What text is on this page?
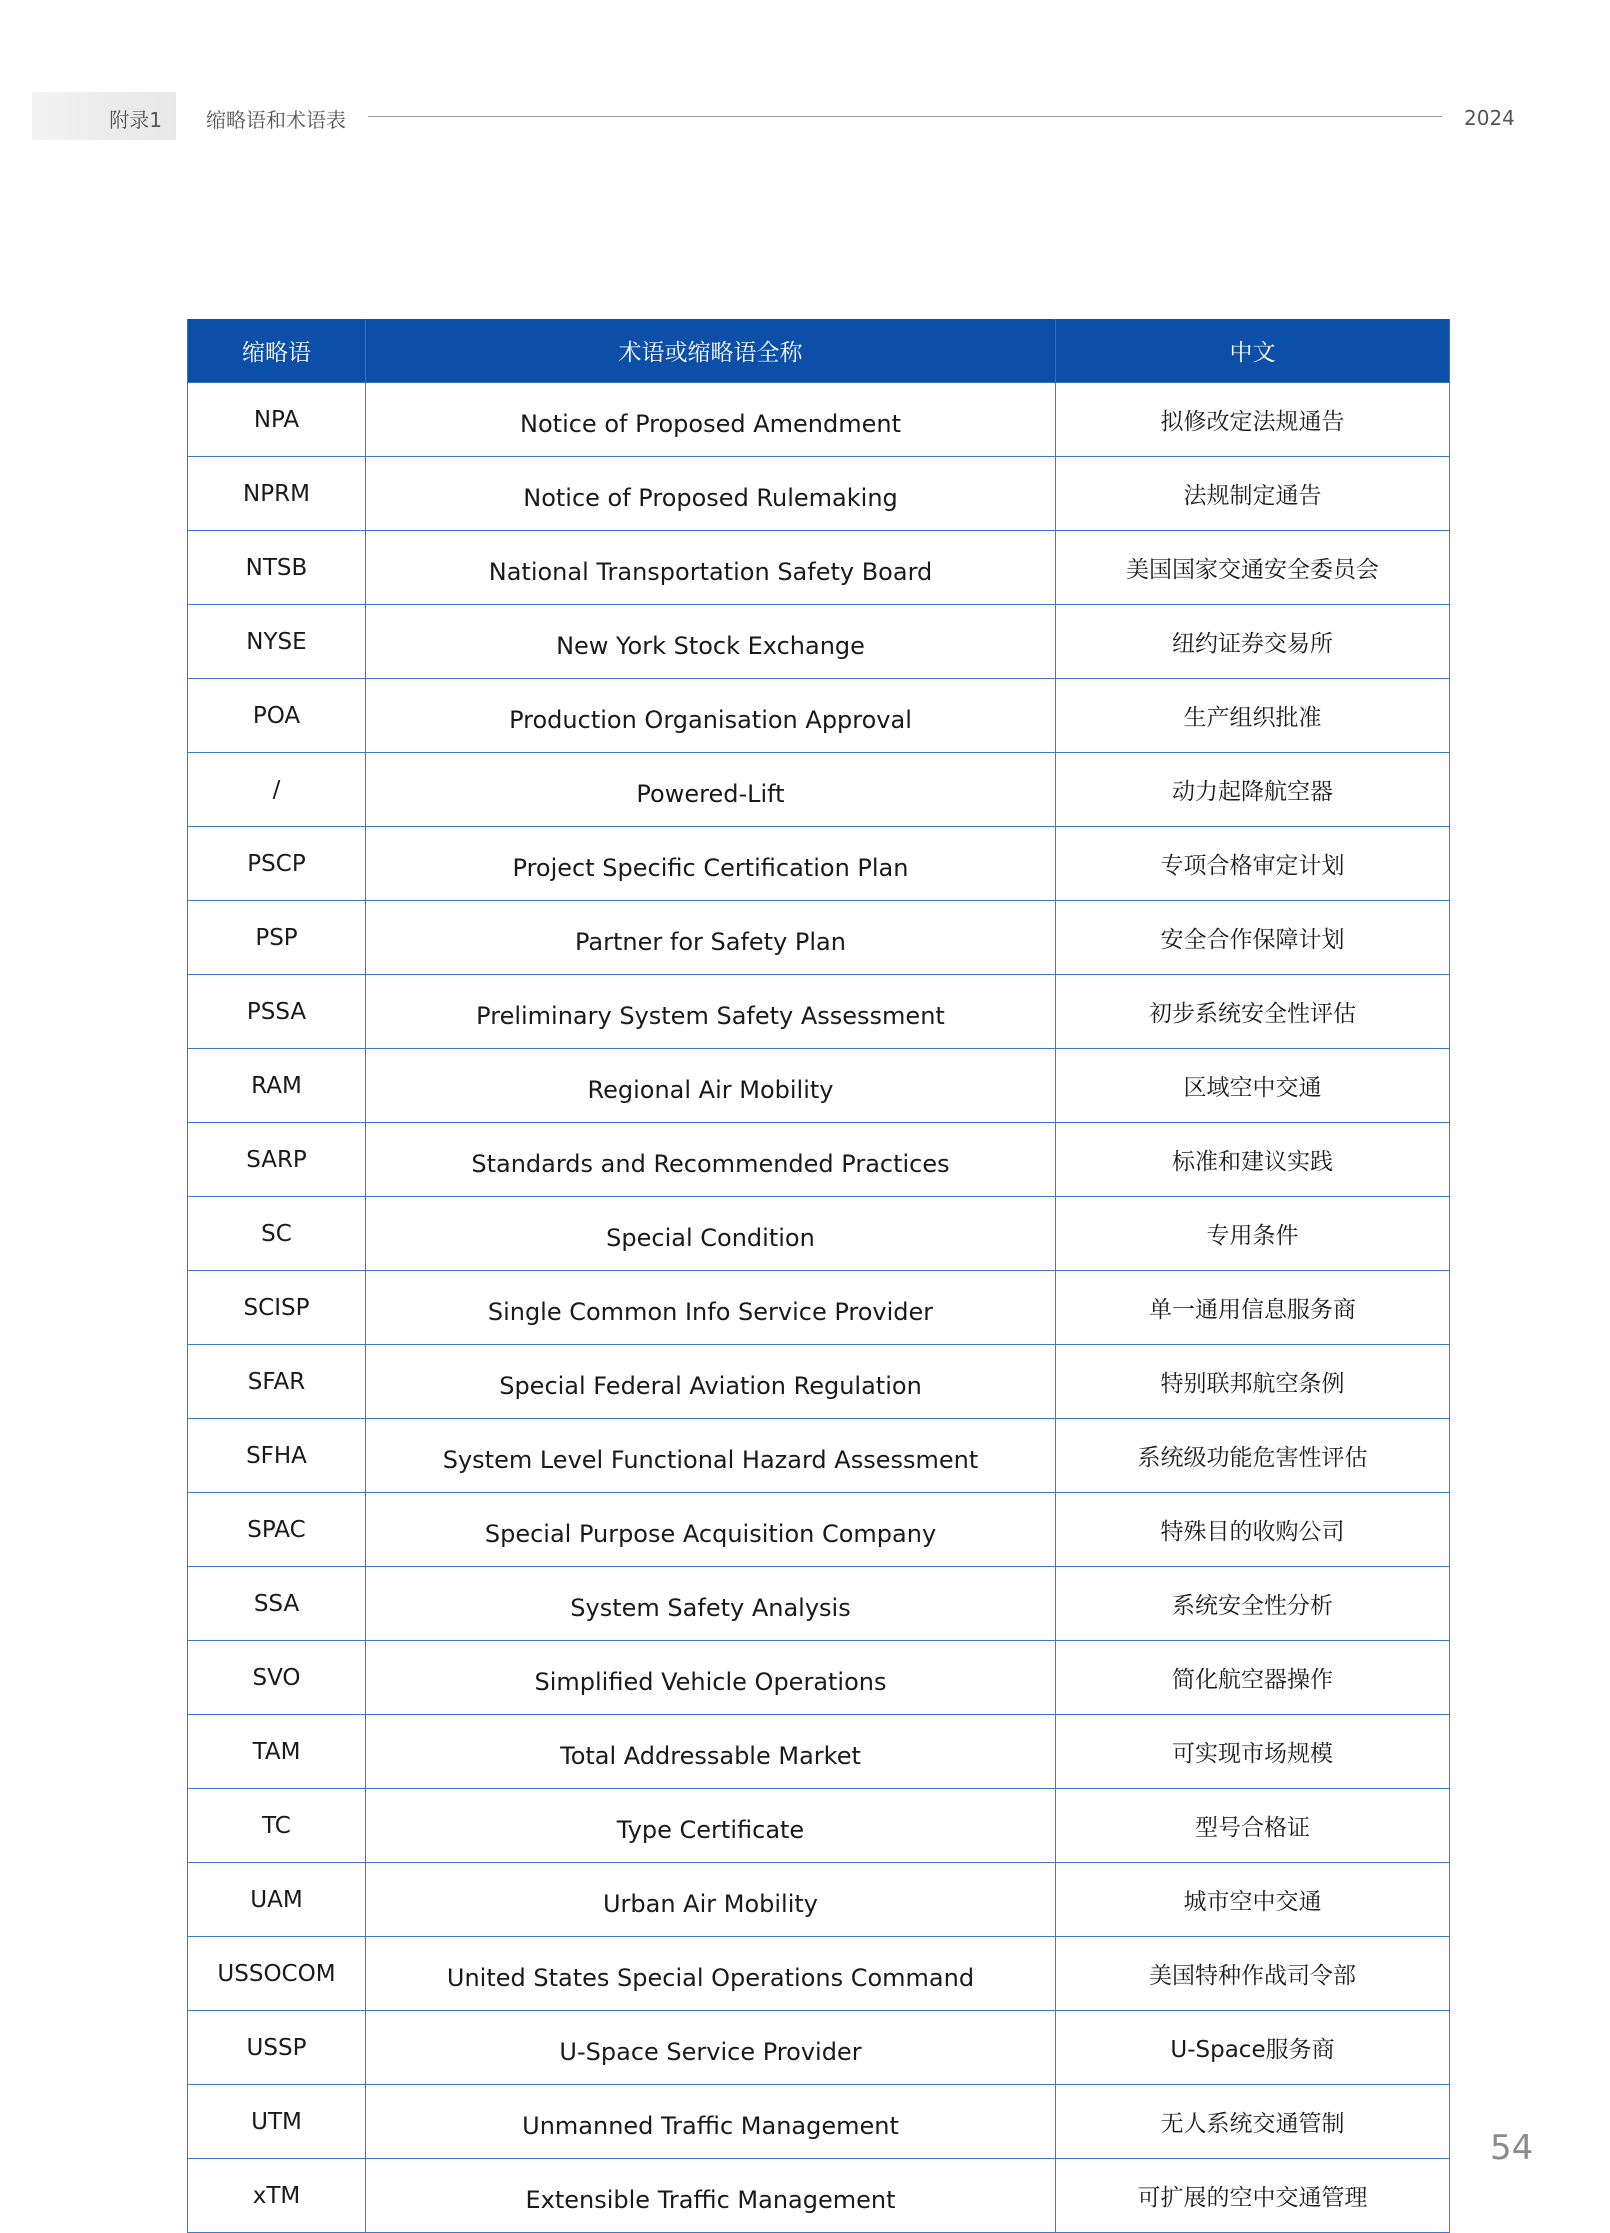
附录1 缩略语和术语表	2024
缩略语	术语或缩略语全称	中文
NPA	Notice of Proposed Amendment	拟修改定法规通告
NPRM	Notice of Proposed Rulemaking	法规制定通告
NTSB	National Transportation Safety Board	美国国家交通安全委员会
NYSE	New York Stock Exchange	纽约证券交易所
POA	Production Organisation Approval	生产组织批准
/	Powered-Lift	动力起降航空器
PSCP	Project Specific Certification Plan	专项合格审定计划
PSP	Partner for Safety Plan	安全合作保障计划
PSSA	Preliminary System Safety Assessment	初步系统安全性评估
RAM	Regional Air Mobility	区域空中交通
SARP	Standards and Recommended Practices	标准和建议实践
SC	Special Condition	专用条件
SCISP	Single Common Info Service Provider	单一通用信息服务商
SFAR	Special Federal Aviation Regulation	特别联邦航空条例
SFHA	System Level Functional Hazard Assessment	系统级功能危害性评估
SPAC	Special Purpose Acquisition Company	特殊目的收购公司
SSA	System Safety Analysis	系统安全性分析
SVO	Simplified Vehicle Operations	简化航空器操作
TAM	Total Addressable Market	可实现市场规模
TC	Type Certificate	型号合格证
UAM	Urban Air Mobility	城市空中交通
USSOCOM	United States Special Operations Command	美国特种作战司令部
USSP	U-Space Service Provider	U-Space服务商
UTM	Unmanned Traffic Management	无人系统交通管制
xTM	Extensible Traffic Management	可扩展的空中交通管理
54
